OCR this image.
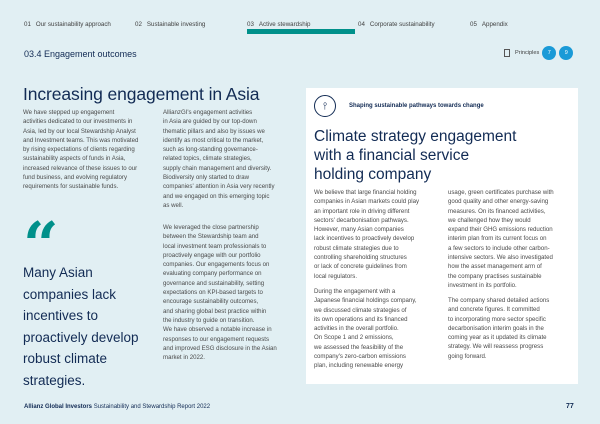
01 Our sustainability approach	02 Sustainable investing	03 Active stewardship	04 Corporate sustainability	05 Appendix
03.4 Engagement outcomes	Principles	7	9
Increasing engagement in Asia
We have stepped up engagement
activities dedicated to our investments in
Asia, led by our local Stewardship Analyst
and Investment teams. This was motivated
by rising expectations of clients regarding
sustainability aspects of funds in Asia,
increased relevance of these issues to our
fund business, and evolving regulatory
requirements for sustainable funds.
AllianzGI's engagement activities
in Asia are guided by our top-down
thematic pillars and also by issues we
identify as most critical to the market,
such as long-standing governance-
related topics, climate strategies,
supply chain management and diversity.
Biodiversity only started to draw
companies' attention in Asia very recently
and we engaged on this emerging topic
as well.
We leveraged the close partnership
between the Stewardship team and
local investment team professionals to
proactively engage with our portfolio
companies. Our engagements focus on
evaluating company performance on
governance and sustainability, setting
expectations on KPI-based targets to
encourage sustainability outcomes,
and sharing global best practice within
the industry to guide on transition.
We have observed a notable increase in
responses to our engagement requests
and improved ESG disclosure in the Asian
market in 2022.
Many Asian
companies lack
incentives to
proactively develop
robust climate
strategies.
⫯	Shaping sustainable pathways towards change
Climate strategy engagement
with a financial service
holding company
We believe that large financial holding
companies in Asian markets could play
an important role in driving different
sectors' decarbonisation pathways.
However, many Asian companies
lack incentives to proactively develop
robust climate strategies due to
controlling shareholding structures
or lack of concrete guidelines from
local regulators.
During the engagement with a
Japanese financial holdings company,
we discussed climate strategies of
its own operations and its financed
activities in the overall portfolio.
On Scope 1 and 2 emissions,
we assessed the feasibility of the
company's zero-carbon emissions
plan, including renewable energy
usage, green certificates purchase with
good quality and other energy-saving
measures. On its financed activities,
we challenged how they would
expand their GHG emissions reduction
interim plan from its current focus on
a few sectors to include other carbon-
intensive sectors. We also investigated
how the asset management arm of
the company practises sustainable
investment in its portfolio.
The company shared detailed actions
and concrete figures. It committed
to incorporating more sector specific
decarbonisation interim goals in the
coming year as it updated its climate
strategy. We will reassess progress
going forward.
Allianz Global Investors Sustainability and Stewardship Report 2022	77
